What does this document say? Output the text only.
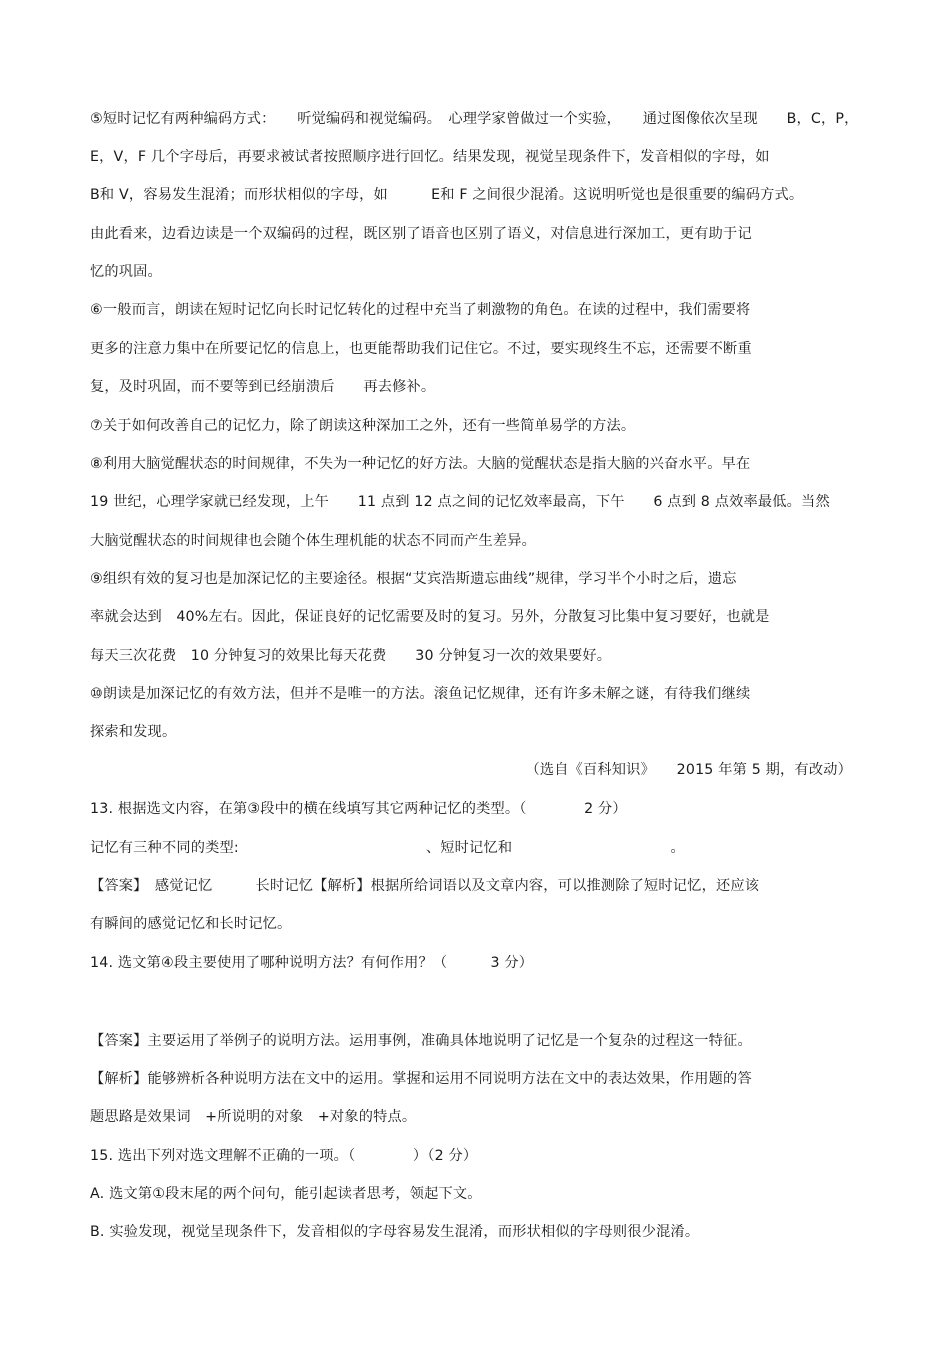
⑤短时记忆有两种编码方式：　　听觉编码和视觉编码。　心理学家曾做过一个实验，　　通过图像依次呈现　　B，C，P，
E，V，F 几个字母后，再要求被试者按照顺序进行回忆。结果发现，视觉呈现条件下，发音相似的字母，如
B和 V，容易发生混淆；而形状相似的字母，如　　　E和 F 之间很少混淆。这说明听觉也是很重要的编码方式。
由此看来，边看边读是一个双编码的过程，既区别了语音也区别了语义，对信息进行深加工，更有助于记
忆的巩固。
⑥一般而言，朗读在短时记忆向长时记忆转化的过程中充当了刺激物的角色。在读的过程中，我们需要将
更多的注意力集中在所要记忆的信息上，也更能帮助我们记住它。不过，要实现终生不忘，还需要不断重
复，及时巩固，而不要等到已经崩溃后　　再去修补。
⑦关于如何改善自己的记忆力，除了朗读这种深加工之外，还有一些简单易学的方法。
⑧利用大脑觉醒状态的时间规律，不失为一种记忆的好方法。大脑的觉醒状态是指大脑的兴奋水平。早在
19 世纪，心理学家就已经发现，上午　　11 点到 12 点之间的记忆效率最高，下午　　6 点到 8 点效率最低。当然
大脑觉醒状态的时间规律也会随个体生理机能的状态不同而产生差异。
⑨组织有效的复习也是加深记忆的主要途径。根据“艾宾浩斯遗忘曲线”规律，学习半个小时之后，遗忘
率就会达到　40%左右。因此，保证良好的记忆需要及时的复习。另外，分散复习比集中复习要好，也就是
每天三次花费　10 分钟复习的效果比每天花费　　30 分钟复习一次的效果要好。
⑩朗读是加深记忆的有效方法，但并不是唯一的方法。滚鱼记忆规律，还有许多未解之谜，有待我们继续
探索和发现。
（选自《百科知识》　　2015 年第 5 期，有改动）
13. 根据选文内容，在第③段中的横在线填写其它两种记忆的类型。（　　　　2 分）
记忆有三种不同的类型:　　　　　　　　　　　　　、短时记忆和　　　　　　　　　　　。
【答案】　感觉记忆　　　长时记忆【解析】根据所给词语以及文章内容，可以推测除了短时记忆，还应该
有瞬间的感觉记忆和长时记忆。
14. 选文第④段主要使用了哪种说明方法？有何作用？（　　　3 分）
【答案】主要运用了举例子的说明方法。运用事例，准确具体地说明了记忆是一个复杂的过程这一特征。
【解析】能够辨析各种说明方法在文中的运用。掌握和运用不同说明方法在文中的表达效果，作用题的答
题思路是效果词　+所说明的对象　+对象的特点。
15. 选出下列对选文理解不正确的一项。（　　　　）（2 分）
A. 选文第①段末尾的两个问句，能引起读者思考，领起下文。
B. 实验发现，视觉呈现条件下，发音相似的字母容易发生混淆，而形状相似的字母则很少混淆。
